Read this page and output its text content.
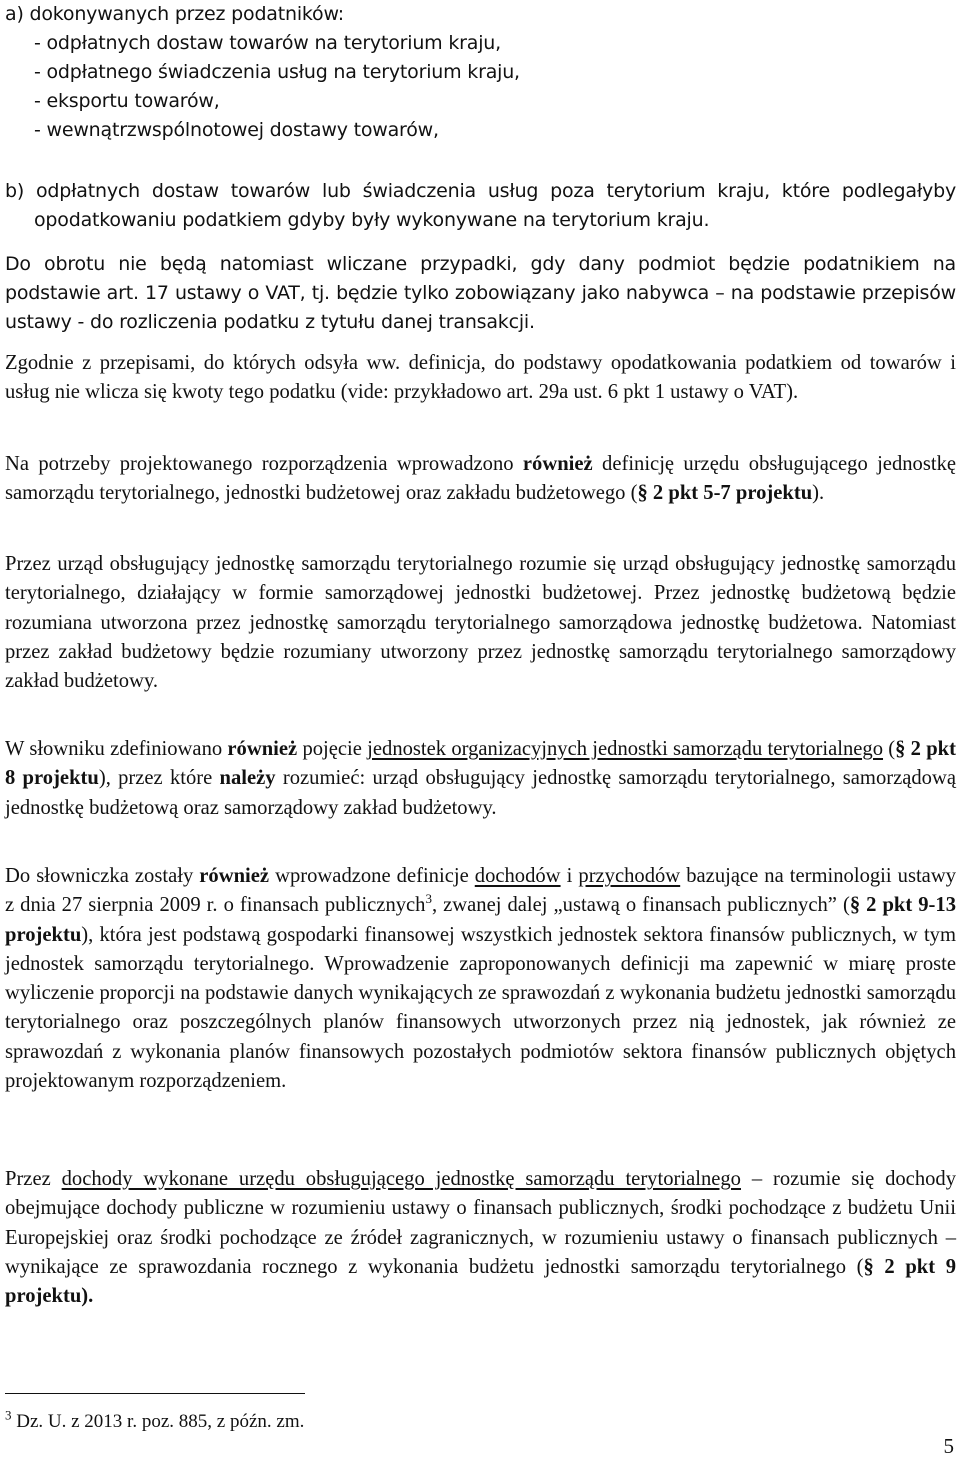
a) dokonywanych przez podatników:
- odpłatnych dostaw towarów na terytorium kraju,
- odpłatnego świadczenia usług na terytorium kraju,
- eksportu towarów,
- wewnątrzwspólnotowej dostawy towarów,

b) odpłatnych dostaw towarów lub świadczenia usług poza terytorium kraju, które podlegałyby opodatkowaniu podatkiem gdyby były wykonywane na terytorium kraju.

Do obrotu nie będą natomiast wliczane przypadki, gdy dany podmiot będzie podatnikiem na podstawie art. 17 ustawy o VAT, tj. będzie tylko zobowiązany jako nabywca – na podstawie przepisów ustawy - do rozliczenia podatku z tytułu danej transakcji.

Zgodnie z przepisami, do których odsyła ww. definicja, do podstawy opodatkowania podatkiem od towarów i usług nie wlicza się kwoty tego podatku (vide: przykładowo art. 29a ust. 6 pkt 1 ustawy o VAT).

Na potrzeby projektowanego rozporządzenia wprowadzono również definicję urzędu obsługującego jednostkę samorządu terytorialnego, jednostki budżetowej oraz zakładu budżetowego (§ 2 pkt 5-7 projektu).

Przez urząd obsługujący jednostkę samorządu terytorialnego rozumie się urząd obsługujący jednostkę samorządu terytorialnego, działający w formie samorządowej jednostki budżetowej. Przez jednostkę budżetową będzie rozumiana utworzona przez jednostkę samorządu terytorialnego samorządowa jednostkę budżetowa. Natomiast przez zakład budżetowy będzie rozumiany utworzony przez jednostkę samorządu terytorialnego samorządowy zakład budżetowy.

W słowniku zdefiniowano również pojęcie jednostek organizacyjnych jednostki samorządu terytorialnego (§ 2 pkt 8 projektu), przez które należy rozumieć: urząd obsługujący jednostkę samorządu terytorialnego, samorządową jednostkę budżetową oraz samorządowy zakład budżetowy.

Do słowniczka zostały również wprowadzone definicje dochodów i przychodów bazujące na terminologii ustawy z dnia 27 sierpnia 2009 r. o finansach publicznych$^3$, zwanej dalej „ustawą o finansach publicznych” (§ 2 pkt 9-13 projektu), która jest podstawą gospodarki finansowej wszystkich jednostek sektora finansów publicznych, w tym jednostek samorządu terytorialnego. Wprowadzenie zaproponowanych definicji ma zapewnić w miarę proste wyliczenie proporcji na podstawie danych wynikających ze sprawozdań z wykonania budżetu jednostki samorządu terytorialnego oraz poszczególnych planów finansowych utworzonych przez nią jednostek, jak również ze sprawozdań z wykonania planów finansowych pozostałych podmiotów sektora finansów publicznych objętych projektowanym rozporządzeniem.

Przez dochody wykonane urzędu obsługującego jednostkę samorządu terytorialnego – rozumie się dochody obejmujące dochody publiczne w rozumieniu ustawy o finansach publicznych, środki pochodzące z budżetu Unii Europejskiej oraz środki pochodzące ze źródeł zagranicznych, w rozumieniu ustawy o finansach publicznych – wynikające ze sprawozdania rocznego z wykonania budżetu jednostki samorządu terytorialnego (§ 2 pkt 9 projektu).

$^3$ Dz. U. z 2013 r. poz. 885, z późn. zm.
5
